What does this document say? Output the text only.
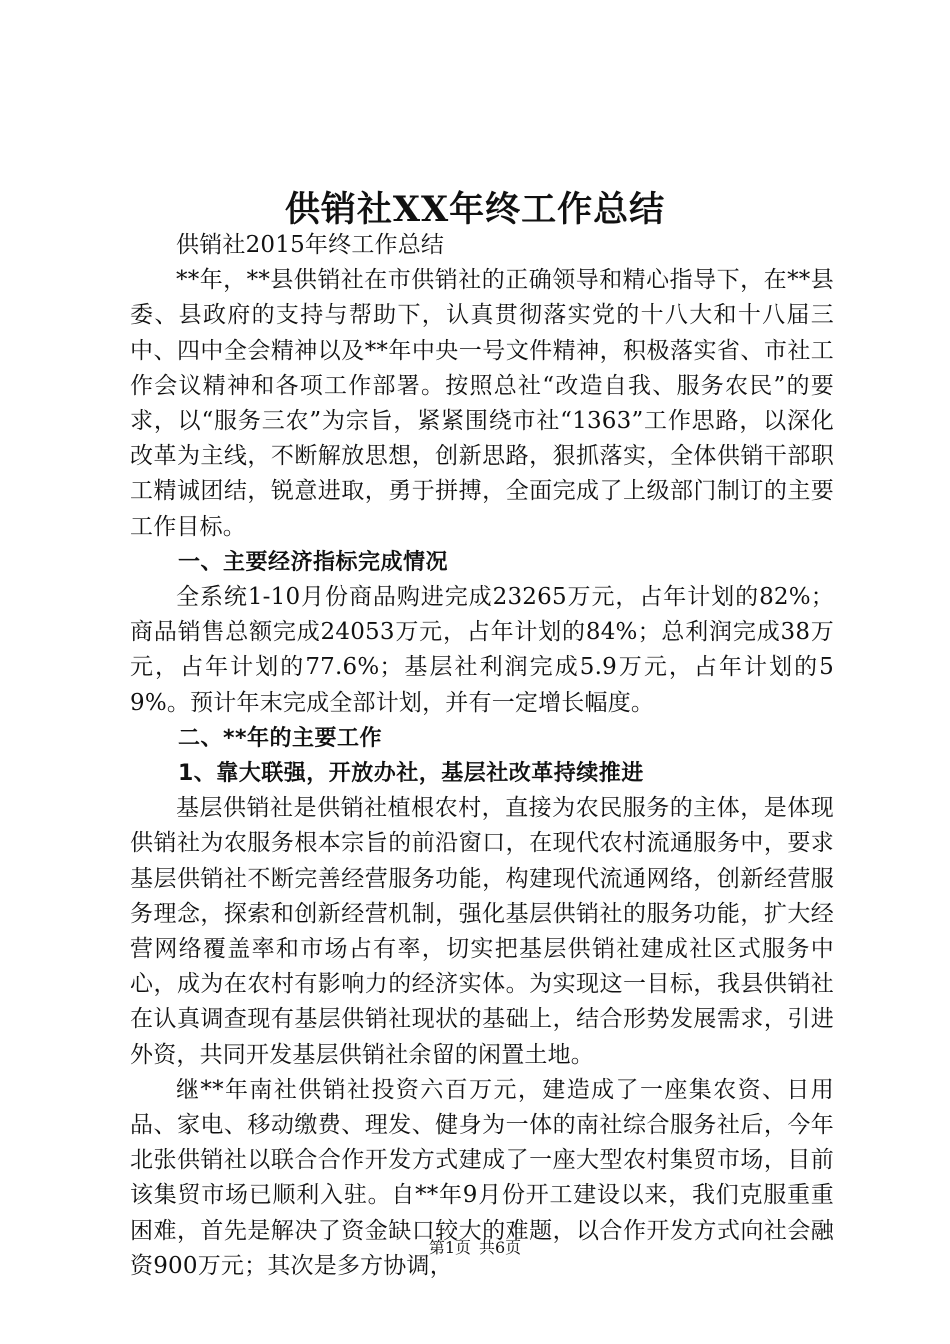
供销社XX年终工作总结

供销社2015年终工作总结

**年，**县供销社在市供销社的正确领导和精心指导下，在**县委、县政府的支持与帮助下，认真贯彻落实党的十八大和十八届三中、四中全会精神以及**年中央一号文件精神，积极落实省、市社工作会议精神和各项工作部署。按照总社“改造自我、服务农民”的要求，以“服务三农”为宗旨，紧紧围绕市社“1363”工作思路，以深化改革为主线，不断解放思想，创新思路，狠抓落实，全体供销干部职工精诚团结，锐意进取，勇于拼搏，全面完成了上级部门制订的主要工作目标。

一、主要经济指标完成情况

全系统1-10月份商品购进完成23265万元，占年计划的82%；商品销售总额完成24053万元，占年计划的84%；总利润完成38万元，占年计划的77.6%；基层社利润完成5.9万元，占年计划的59%。预计年末完成全部计划，并有一定增长幅度。

二、**年的主要工作

1、靠大联强，开放办社，基层社改革持续推进

基层供销社是供销社植根农村，直接为农民服务的主体，是体现供销社为农服务根本宗旨的前沿窗口，在现代农村流通服务中，要求基层供销社不断完善经营服务功能，构建现代流通网络，创新经营服务理念，探索和创新经营机制，强化基层供销社的服务功能，扩大经营网络覆盖率和市场占有率，切实把基层供销社建成社区式服务中心，成为在农村有影响力的经济实体。为实现这一目标，我县供销社在认真调查现有基层供销社现状的基础上，结合形势发展需求，引进外资，共同开发基层供销社余留的闲置土地。

继**年南社供销社投资六百万元，建造成了一座集农资、日用品、家电、移动缴费、理发、健身为一体的南社综合服务社后，今年北张供销社以联合合作开发方式建成了一座大型农村集贸市场，目前该集贸市场已顺利入驻。自**年9月份开工建设以来，我们克服重重困难，首先是解决了资金缺口较大的难题，以合作开发方式向社会融资900万元；其次是多方协调，

第1页 共6页
